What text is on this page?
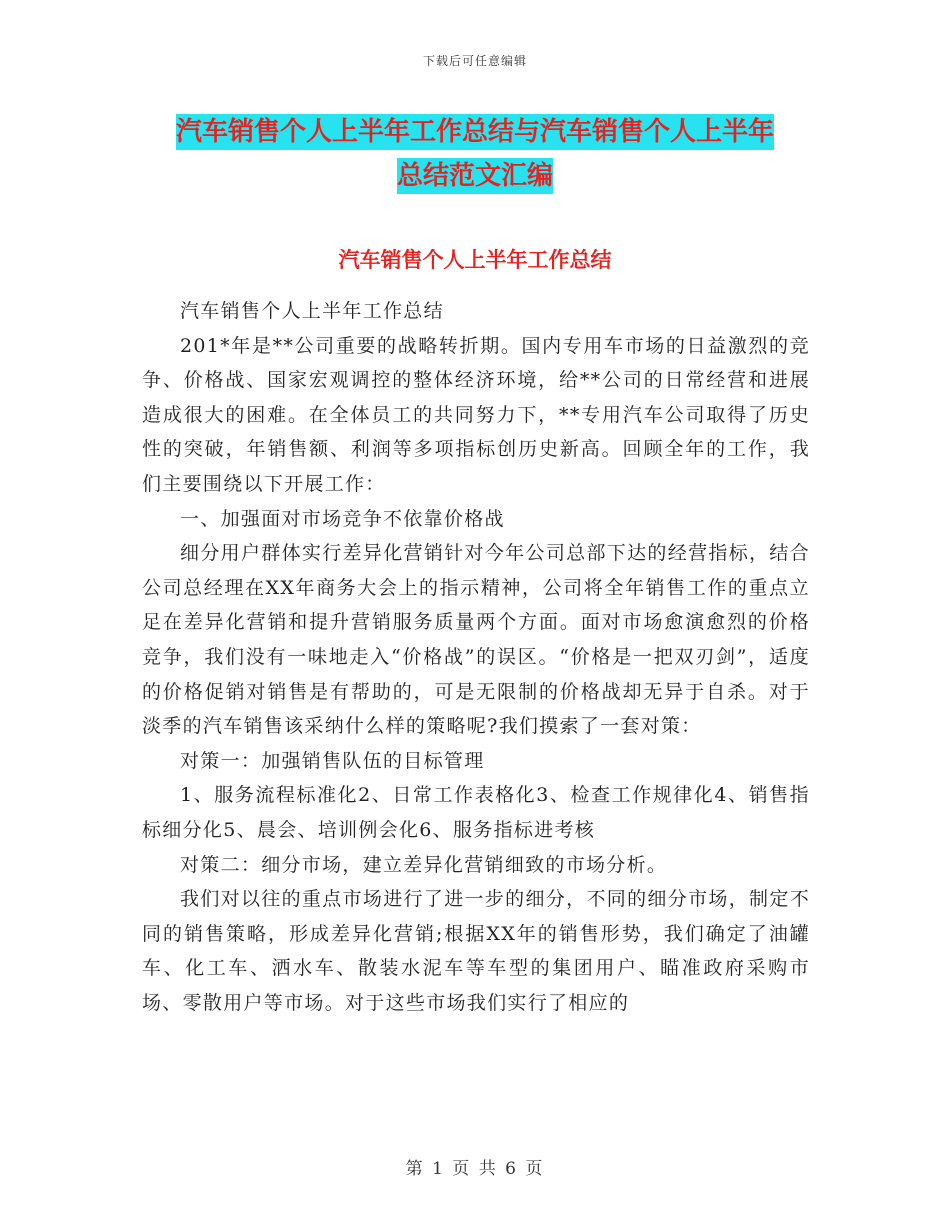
下载后可任意编辑
汽车销售个人上半年工作总结与汽车销售个人上半年
总结范文汇编
汽车销售个人上半年工作总结

汽车销售个人上半年工作总结

201*年是**公司重要的战略转折期。国内专用车市场的日益激烈的竞争、价格战、国家宏观调控的整体经济环境，给**公司的日常经营和进展造成很大的困难。在全体员工的共同努力下，**专用汽车公司取得了历史性的突破，年销售额、利润等多项指标创历史新高。回顾全年的工作，我们主要围绕以下开展工作：

一、加强面对市场竞争不依靠价格战

细分用户群体实行差异化营销针对今年公司总部下达的经营指标，结合公司总经理在XX年商务大会上的指示精神，公司将全年销售工作的重点立足在差异化营销和提升营销服务质量两个方面。面对市场愈演愈烈的价格竞争，我们没有一味地走入“价格战”的误区。“价格是一把双刃剑”，适度的价格促销对销售是有帮助的，可是无限制的价格战却无异于自杀。对于淡季的汽车销售该采纳什么样的策略呢?我们摸索了一套对策：

对策一：加强销售队伍的目标管理

1、服务流程标准化2、日常工作表格化3、检查工作规律化4、销售指标细分化5、晨会、培训例会化6、服务指标进考核

对策二：细分市场，建立差异化营销细致的市场分析。

我们对以往的重点市场进行了进一步的细分，不同的细分市场，制定不同的销售策略，形成差异化营销;根据XX年的销售形势，我们确定了油罐车、化工车、洒水车、散装水泥车等车型的集团用户、瞄准政府采购市场、零散用户等市场。对于这些市场我们实行了相应的

第 1 页 共 6 页
